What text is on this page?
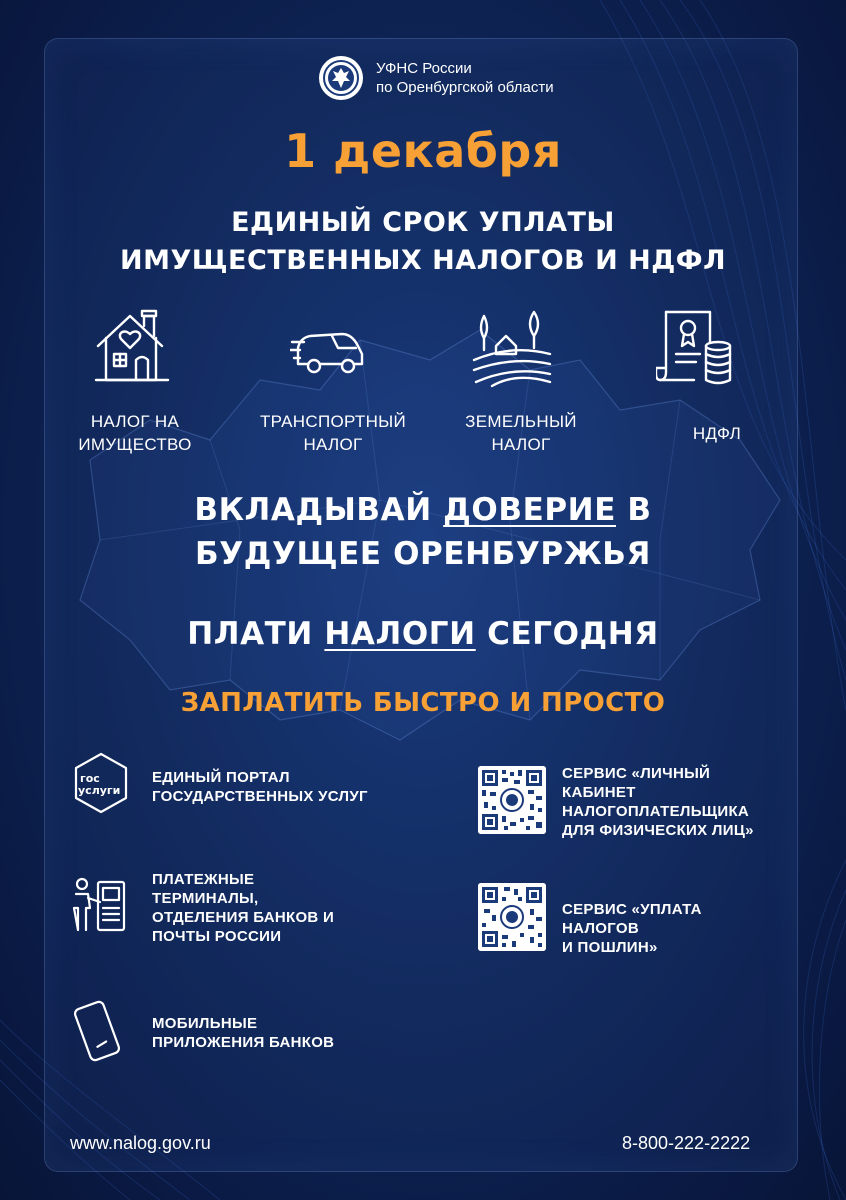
УФНС России
по Оренбургской области
1 декабря
ЕДИНЫЙ СРОК УПЛАТЫ
ИМУЩЕСТВЕННЫХ НАЛОГОВ И НДФЛ
НАЛОГ НА
ИМУЩЕСТВО
ТРАНСПОРТНЫЙ
НАЛОГ
ЗЕМЕЛЬНЫЙ
НАЛОГ
НДФЛ
ВКЛАДЫВАЙ ДОВЕРИЕ В
БУДУЩЕЕ ОРЕНБУРЖЬЯ
ПЛАТИ НАЛОГИ СЕГОДНЯ
ЗАПЛАТИТЬ БЫСТРО И ПРОСТО
гос
услуги
ЕДИНЫЙ ПОРТАЛ
ГОСУДАРСТВЕННЫХ УСЛУГ
ПЛАТЕЖНЫЕ
ТЕРМИНАЛЫ,
ОТДЕЛЕНИЯ БАНКОВ И
ПОЧТЫ РОССИИ
МОБИЛЬНЫЕ
ПРИЛОЖЕНИЯ БАНКОВ
СЕРВИС «ЛИЧНЫЙ
КАБИНЕТ
НАЛОГОПЛАТЕЛЬЩИКА
ДЛЯ ФИЗИЧЕСКИХ ЛИЦ»
СЕРВИС «УПЛАТА
НАЛОГОВ
И ПОШЛИН»
www.nalog.gov.ru	8-800-222-2222
